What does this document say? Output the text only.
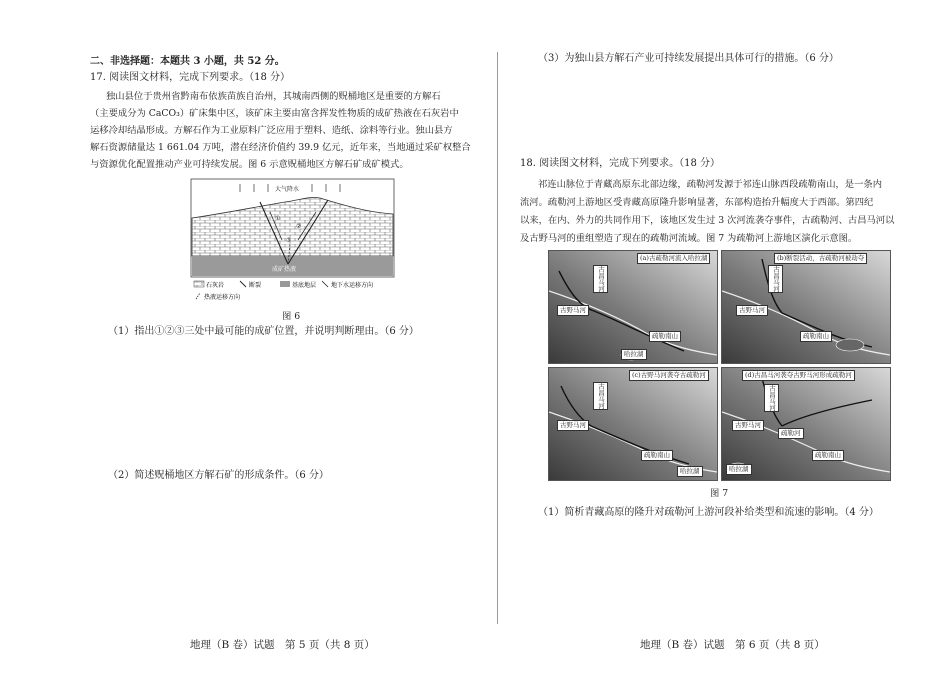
二、非选择题：本题共 3 小题，共 52 分。
17. 阅读图文材料，完成下列要求。（18 分）
独山县位于贵州省黔南布依族苗族自治州，其城南西侧的贶桶地区是重要的方解石
（主要成分为 CaCO₃）矿床集中区，该矿床主要由富含挥发性物质的成矿热液在石灰岩中
运移冷却结晶形成。方解石作为工业原料广泛应用于塑料、造纸、涂料等行业。独山县方
解石资源储量达 1 661.04 万吨，潜在经济价值约 39.9 亿元，近年来，当地通过采矿权整合
与资源优化配置推动产业可持续发展。图 6 示意贶桶地区方解石矿成矿模式。
大气降水
成矿热液
①
②
③
石灰岩	断裂	基底地层 地下水运移方向
热液运移方向
图 6
（1）指出①②③三处中最可能的成矿位置，并说明判断理由。（6 分）
（2）简述贶桶地区方解石矿的形成条件。（6 分）
地理（B 卷）试题　第 5 页（共 8 页）
（3）为独山县方解石产业可持续发展提出具体可行的措施。（6 分）
18. 阅读图文材料，完成下列要求。（18 分）
祁连山脉位于青藏高原东北部边缘，疏勒河发源于祁连山脉西段疏勒南山，是一条内
流河。疏勒河上游地区受青藏高原隆升影响显著，东部构造抬升幅度大于西部。第四纪
以来，在内、外力的共同作用下，该地区发生过 3 次河流袭夺事件，古疏勒河、古昌马河以
及古野马河的重组塑造了现在的疏勒河流域。图 7 为疏勒河上游地区演化示意图。
(a)古疏勒河流入哈拉湖
古昌马河
古野马河
哈拉湖
疏勒南山
(b)断裂活动，古疏勒河被劫夺
古昌马河
古野马河
疏勒南山
(c)古野马河袭夺古疏勒河
古昌马河
古野马河
疏勒南山
哈拉湖
(d)古昌马河袭夺古野马河形成疏勒河
古昌马河
古野马河
疏勒河
疏勒南山
哈拉湖
图 7
（1）简析青藏高原的隆升对疏勒河上游河段补给类型和流速的影响。（4 分）
地理（B 卷）试题　第 6 页（共 8 页）
